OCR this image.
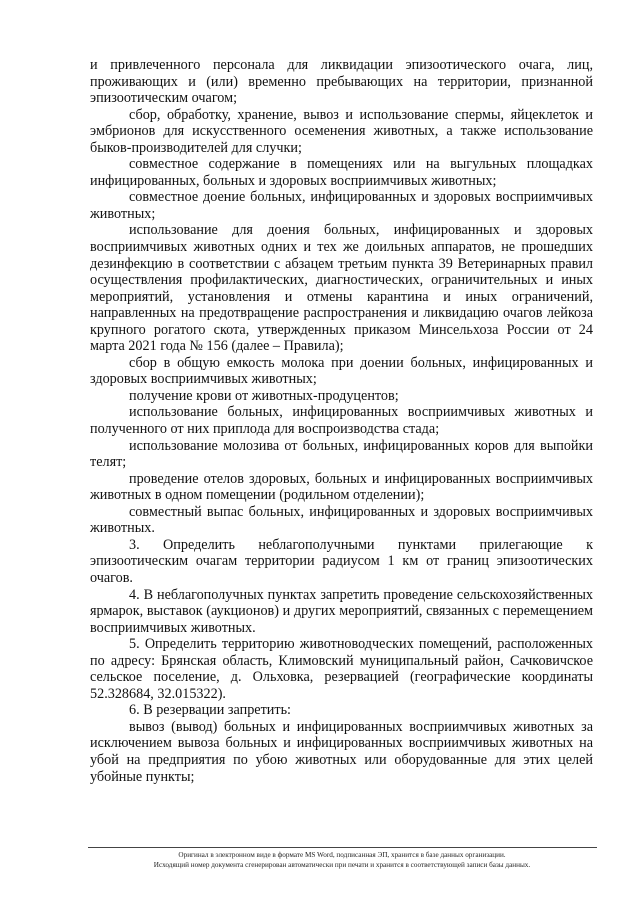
и привлеченного персонала для ликвидации эпизоотического очага, лиц, проживающих и (или) временно пребывающих на территории, признанной эпизоотическим очагом;

сбор, обработку, хранение, вывоз и использование спермы, яйцеклеток и эмбрионов для искусственного осеменения животных, а также использование быков-производителей для случки;

совместное содержание в помещениях или на выгульных площадках инфицированных, больных и здоровых восприимчивых животных;

совместное доение больных, инфицированных и здоровых восприимчивых животных;

использование для доения больных, инфицированных и здоровых восприимчивых животных одних и тех же доильных аппаратов, не прошедших дезинфекцию в соответствии с абзацем третьим пункта 39 Ветеринарных правил осуществления профилактических, диагностических, ограничительных и иных мероприятий, установления и отмены карантина и иных ограничений, направленных на предотвращение распространения и ликвидацию очагов лейкоза крупного рогатого скота, утвержденных приказом Минсельхоза России от 24 марта 2021 года № 156 (далее – Правила);

сбор в общую емкость молока при доении больных, инфицированных и здоровых восприимчивых животных;

получение крови от животных-продуцентов;

использование больных, инфицированных восприимчивых животных и полученного от них приплода для воспроизводства стада;

использование молозива от больных, инфицированных коров для выпойки телят;

проведение отелов здоровых, больных и инфицированных восприимчивых животных в одном помещении (родильном отделении);

совместный выпас больных, инфицированных и здоровых восприимчивых животных.

3. Определить неблагополучными пунктами прилегающие к эпизоотическим очагам территории радиусом 1 км от границ эпизоотических очагов.

4. В неблагополучных пунктах запретить проведение сельскохозяйственных ярмарок, выставок (аукционов) и других мероприятий, связанных с перемещением восприимчивых животных.

5. Определить территорию животноводческих помещений, расположенных по адресу: Брянская область, Климовский муниципальный район, Сачковичское сельское поселение, д. Ольховка, резервацией (географические координаты 52.328684, 32.015322).

6. В резервации запретить:

вывоз (вывод) больных и инфицированных восприимчивых животных за исключением вывоза больных и инфицированных восприимчивых животных на убой на предприятия по убою животных или оборудованные для этих целей убойные пункты;

Оригинал в электронном виде в формате MS Word, подписанная ЭП, хранится в базе данных организации.
Исходящий номер документа сгенерирован автоматически при печати и хранится в соответствующей записи базы данных.
